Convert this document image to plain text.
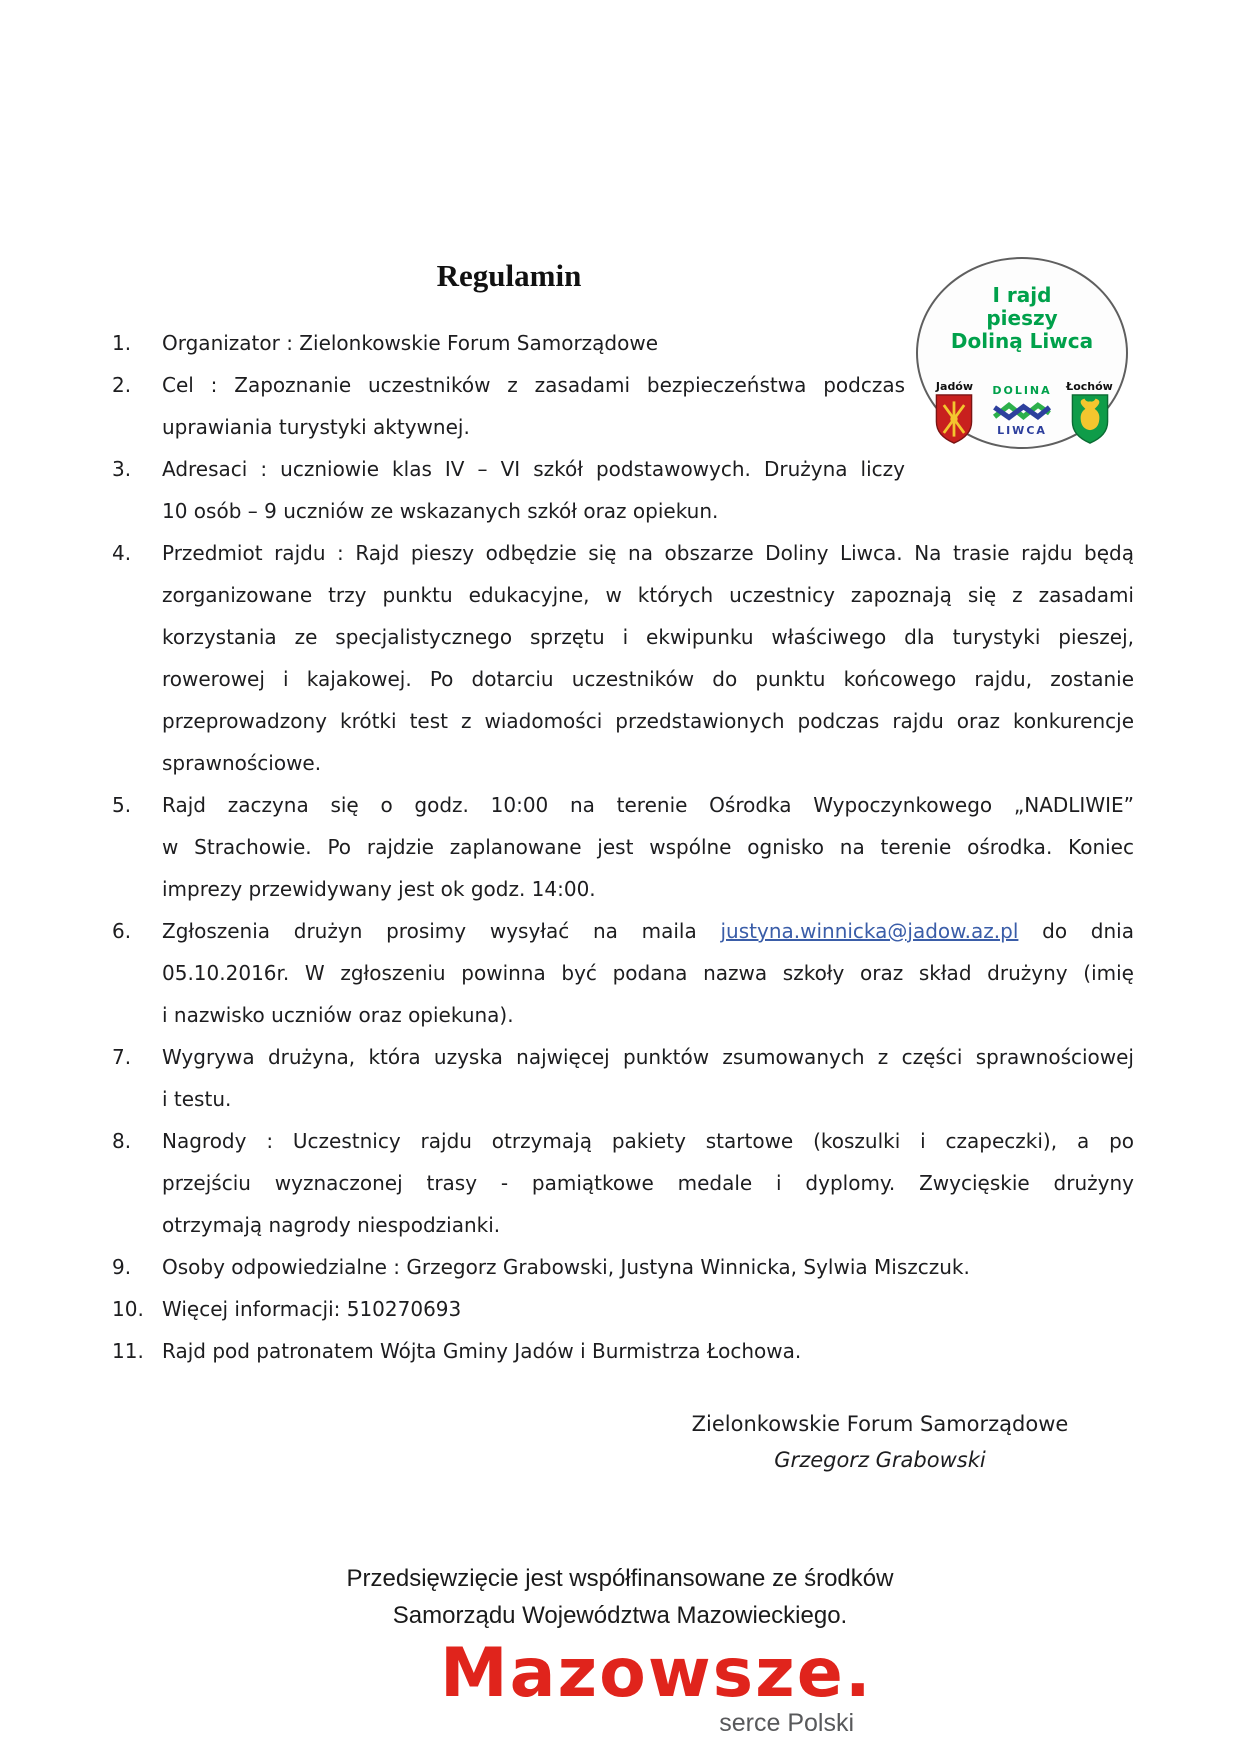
Regulamin
I rajd
pieszy
Doliną Liwca
Jadów	DOLINA
LIWCA
Łochów
1. Organizator : Zielonkowskie Forum Samorządowe
2. Cel : Zapoznanie uczestników z zasadami bezpieczeństwa podczas
uprawiania turystyki aktywnej.
3. Adresaci : uczniowie klas IV – VI szkół podstawowych. Drużyna liczy
10 osób – 9 uczniów ze wskazanych szkół oraz opiekun.
4. Przedmiot rajdu : Rajd pieszy odbędzie się na obszarze Doliny Liwca. Na trasie rajdu będą
zorganizowane trzy punktu edukacyjne, w których uczestnicy zapoznają się z zasadami
korzystania ze specjalistycznego sprzętu i ekwipunku właściwego dla turystyki pieszej,
rowerowej i kajakowej. Po dotarciu uczestników do punktu końcowego rajdu, zostanie
przeprowadzony krótki test z wiadomości przedstawionych podczas rajdu oraz konkurencje
sprawnościowe.
5. Rajd zaczyna się o godz. 10:00 na terenie Ośrodka Wypoczynkowego „NADLIWIE”
w Strachowie. Po rajdzie zaplanowane jest wspólne ognisko na terenie ośrodka. Koniec
imprezy przewidywany jest ok godz. 14:00.
6. Zgłoszenia drużyn prosimy wysyłać na maila justyna.winnicka@jadow.az.pl do dnia
05.10.2016r. W zgłoszeniu powinna być podana nazwa szkoły oraz skład drużyny (imię
i nazwisko uczniów oraz opiekuna).
7. Wygrywa drużyna, która uzyska najwięcej punktów zsumowanych z części sprawnościowej
i testu.
8. Nagrody : Uczestnicy rajdu otrzymają pakiety startowe (koszulki i czapeczki), a po
przejściu wyznaczonej trasy - pamiątkowe medale i dyplomy. Zwycięskie drużyny
otrzymają nagrody niespodzianki.
9. Osoby odpowiedzialne : Grzegorz Grabowski, Justyna Winnicka, Sylwia Miszczuk.
10. Więcej informacji: 510270693
11. Rajd pod patronatem Wójta Gminy Jadów i Burmistrza Łochowa.
Zielonkowskie Forum Samorządowe
Grzegorz Grabowski
Przedsięwzięcie jest współfinansowane ze środków
Samorządu Województwa Mazowieckiego.
Mazowsze.
serce Polski
